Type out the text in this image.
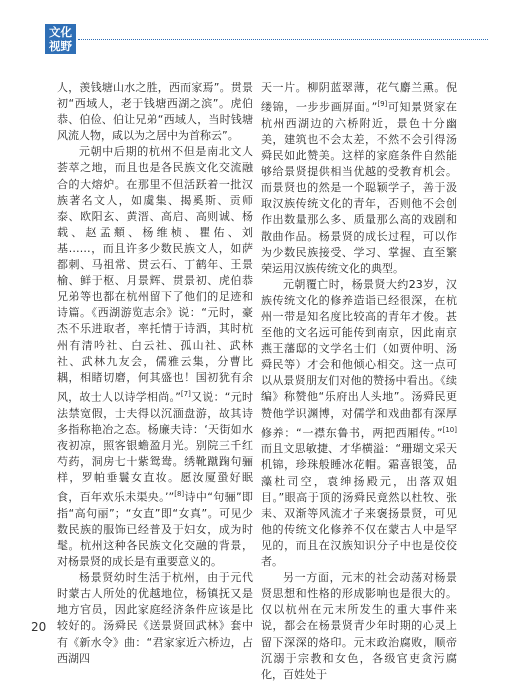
文化
视野

人，羡钱塘山水之胜，西而家焉”。贯景初“西域人，老于钱塘西湖之滨”。虎伯恭、伯俭、伯让兄弟“西域人，当时钱塘风流人物，咸以为之居中为首称云”。

元朝中后期的杭州不但是南北文人荟萃之地，而且也是各民族文化交流融合的大熔炉。在那里不但活跃着一批汉族著名文人，如虞集、揭奚斯、贡师泰、欧阳玄、黄溍、高启、高则诚、杨载、赵孟頫、杨维桢、瞿佑、刘基……，而且许多少数民族文人，如萨都刺、马祖常、贯云石、丁鹤年、王景榆、鲜于枢、月景辉、贯景初、虎伯恭兄弟等也都在杭州留下了他们的足迹和诗篇。《西湖游览志余》说：“元时，豪杰不乐进取者，率托情于诗酒，其时杭州有清吟社、白云社、孤山社、武林社、武林九友会，儒雅云集，分曹比耦，相睹切磨，何其盛也！国初犹有余风，故士人以诗学相尚。”[7]又说：“元时法禁宽假，士夫得以沉湎盘游，故其诗多指称艳冶之态。杨廉夫诗：‘天街如水夜初凉，照客银蟾盈月光。别院三千红芍药，洞房七十紫鸳鸯。绣靴蹴踘句骊样，罗帕垂鬟女直妆。愿汝厦蛩好眠食，百年欢乐未渠央。’”[8]诗中“句骊”即指“高句丽”；“女直”即“女真”。可见少数民族的服饰已经普及于妇女，成为时髦。杭州这种各民族文化交融的背景，对杨景贤的成长是有重要意义的。

杨景贤幼时生活于杭州，由于元代时蒙古人所处的优越地位，杨镇抚又是地方官员，因此家庭经济条件应该是比较好的。汤舜民《送景贤回武林》套中有《新水令》曲：“君家家近六桥边，占西湖四

天一片。柳阴蓝翠薄，花气麝兰熏。倪缕锦，一步步画屏面。”[9]可知景贤家在杭州西湖边的六桥附近，景色十分幽美，建筑也不会太差，不然不会引得汤舜民如此赞美。这样的家庭条件自然能够给景贤提供相当优越的受教育机会。而景贤也的然是一个聪颖学子，善于汲取汉族传统文化的青年，否则他不会创作出数量那么多、质量那么高的戏剧和散曲作品。杨景贤的成长过程，可以作为少数民族接受、学习、掌握、直至繁荣运用汉族传统文化的典型。

元朝覆亡时，杨景贤大约23岁，汉族传统文化的修养造诣已经很深，在杭州一带是知名度比较高的青年才俊。甚至他的文名远可能传到南京，因此南京燕王藩邸的文学名士们（如贾仲明、汤舜民等）才会和他倾心相交。这一点可以从景贤朋友们对他的赞扬中看出。《续编》称赞他“乐府出人头地”。汤舜民更赞他学识渊博，对儒学和戏曲都有深厚修养：“一襟东鲁书，两把西厢传。”[10]而且文思敏捷、才华横溢：“珊瑚文采天机锦，珍珠般睡冰花帽。霜喜银笺，品藻杜司空，袁绅扬殿元，出落双姐目。”眼高于顶的汤舜民竟然以杜牧、张耒、双渐等风流才子来褒扬景贤，可见他的传统文化修养不仅在蒙古人中是罕见的，而且在汉族知识分子中也是佼佼者。

另一方面，元末的社会动荡对杨景贤思想和性格的形成影响也是很大的。仅以杭州在元末所发生的重大事件来说，都会在杨景贤青少年时期的心灵上留下深深的烙印。元末政治腐败，顺帝沉溺于宗教和女色，各级官吏贪污腐化，百姓处于

20
